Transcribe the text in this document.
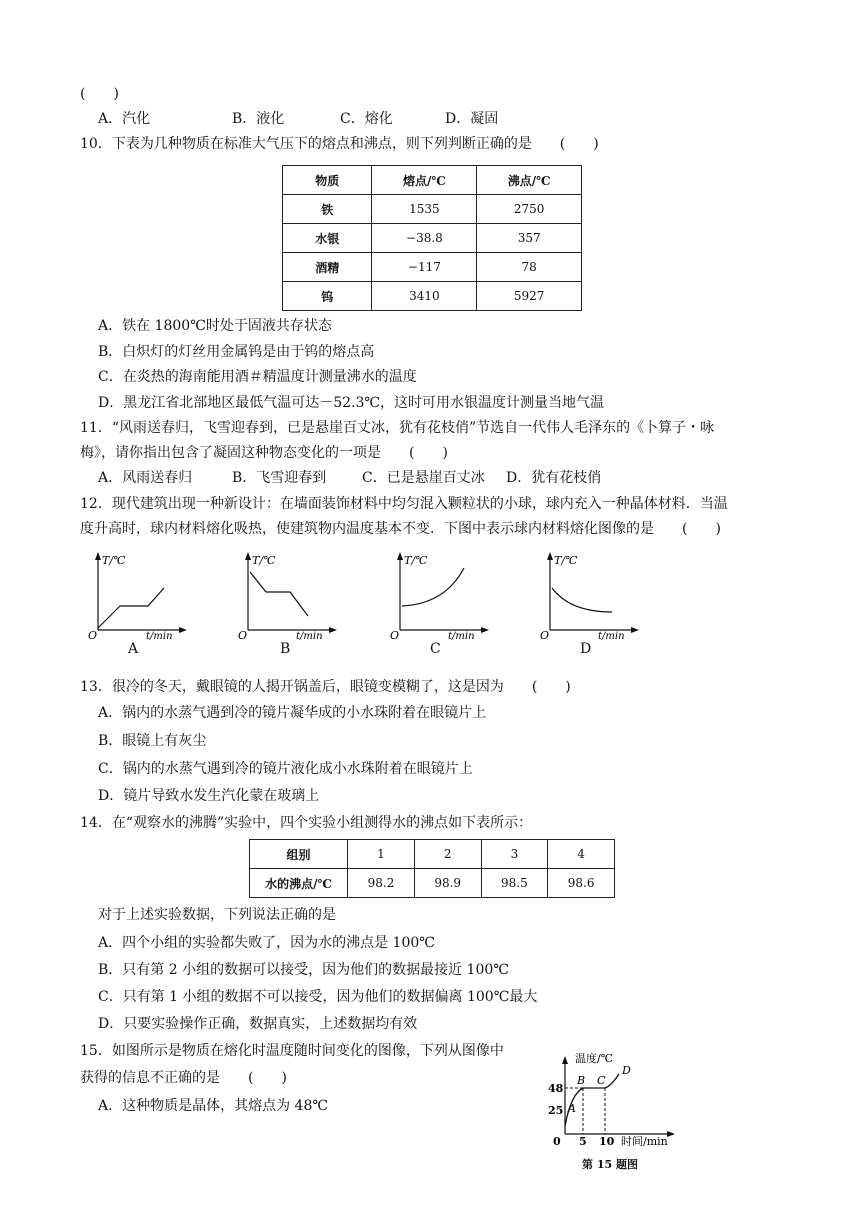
(　　)
A．汽化	B．液化	C．熔化	D．凝固
10．下表为几种物质在标准大气压下的熔点和沸点，则下列判断正确的是　　(　　)
物质	熔点/℃	沸点/℃
铁	1535	2750
水银	−38.8	357
酒精	−117	78
钨	3410	5927
A．铁在 1800℃时处于固液共存状态
B．白炽灯的灯丝用金属钨是由于钨的熔点高
C．在炎热的海南能用酒＃精温度计测量沸水的温度
D．黑龙江省北部地区最低气温可达－52.3℃，这时可用水银温度计测量当地气温
11．“风雨送春归，飞雪迎春到，已是悬崖百丈冰，犹有花枝俏”节选自一代伟人毛泽东的《卜算子・咏
梅》，请你指出包含了凝固这种物态变化的一项是　　(　　)
A．风雨送春归	B．飞雪迎春到	C．已是悬崖百丈冰 D．犹有花枝俏
12．现代建筑出现一种新设计：在墙面装饰材料中均匀混入颗粒状的小球，球内充入一种晶体材料．当温
度升高时，球内材料熔化吸热，使建筑物内温度基本不变．下图中表示球内材料熔化图像的是　　(　　)
T/℃
t/min
O
A
T/℃
t/min
O
B
T/℃
t/min
O
C
T/℃
t/min
O
D
13．很冷的冬天，戴眼镜的人揭开锅盖后，眼镜变模糊了，这是因为　　(　　)
A．锅内的水蒸气遇到冷的镜片凝华成的小水珠附着在眼镜片上
B．眼镜上有灰尘
C．锅内的水蒸气遇到冷的镜片液化成小水珠附着在眼镜片上
D．镜片导致水发生汽化蒙在玻璃上
14．在“观察水的沸腾”实验中，四个实验小组测得水的沸点如下表所示：
组别	1	2	3	4
水的沸点/℃	98.2	98.9	98.5	98.6
对于上述实验数据，下列说法正确的是
A．四个小组的实验都失败了，因为水的沸点是 100℃
B．只有第 2 小组的数据可以接受，因为他们的数据最接近 100℃
C．只有第 1 小组的数据不可以接受，因为他们的数据偏离 100℃最大
D．只要实验操作正确，数据真实，上述数据均有效
15．如图所示是物质在熔化时温度随时间变化的图像，下列从图像中
获得的信息不正确的是　　(　　)
A．这种物质是晶体，其熔点为 48℃
温度/℃
时间/min
0
48
25
5 10
A
B C
D
第 15 题图
